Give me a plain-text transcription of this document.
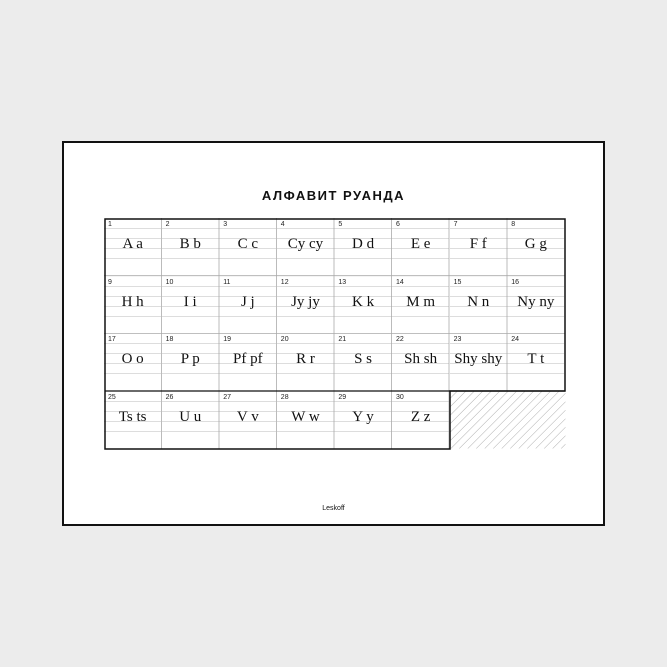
АЛФАВИТ РУАНДА
1
A a
2
B b
3
C c
4
Cy cy
5
D d
6
E e
7
F f
8
G g
9
H h
10
I i
11
J j
12
Jy jy
13
K k
14
M m
15
N n
16
Ny ny
17
O o
18
P p
19
Pf pf
20
R r
21
S s
22
Sh sh
23
Shy shy
24
T t
25
Ts ts
26
U u
27
V v
28
W w
29
Y y
30
Z z
Leskoff
